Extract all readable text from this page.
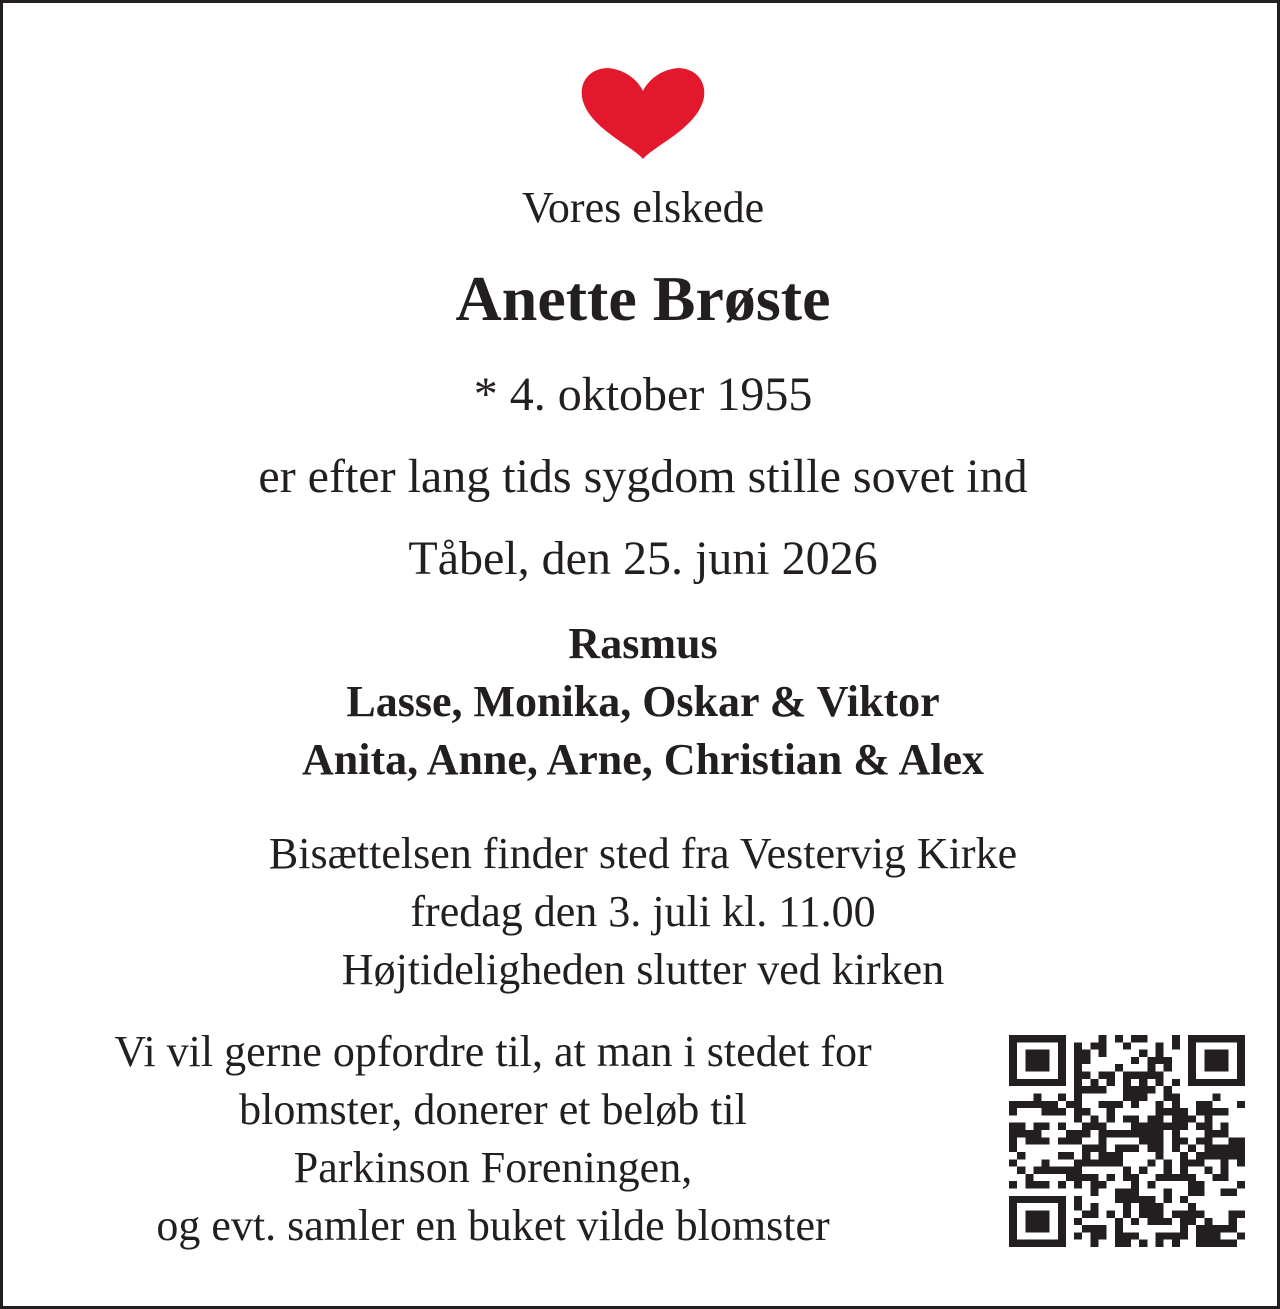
Vores elskede

Anette Brøste

* 4. oktober 1955

er efter lang tids sygdom stille sovet ind

Tåbel, den 25. juni 2026

Rasmus
Lasse, Monika, Oskar & Viktor
Anita, Anne, Arne, Christian & Alex
Bisættelsen finder sted fra Vestervig Kirke
fredag den 3. juli kl. 11.00
Højtideligheden slutter ved kirken
Vi vil gerne opfordre til, at man i stedet for
blomster, donerer et beløb til
Parkinson Foreningen,
og evt. samler en buket vilde blomster
